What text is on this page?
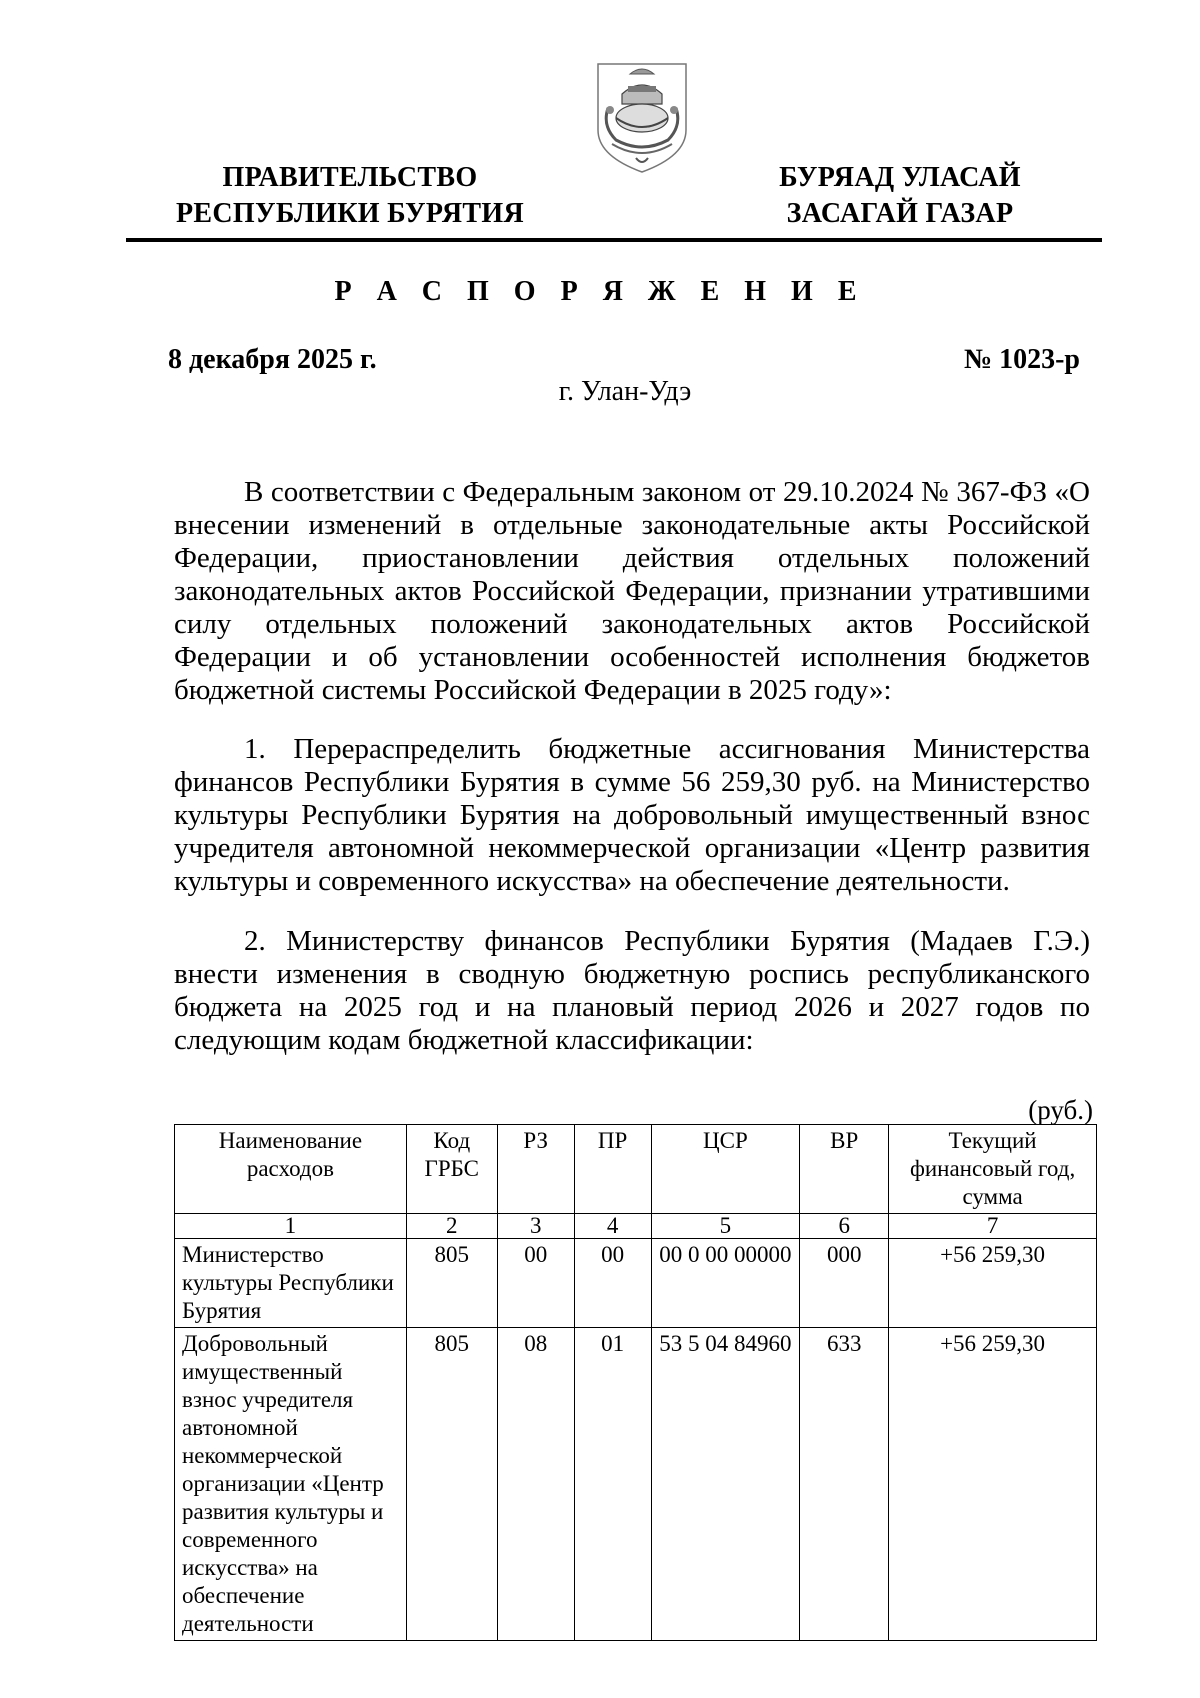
ПРАВИТЕЛЬСТВО
РЕСПУБЛИКИ БУРЯТИЯ
БУРЯАД УЛАСАЙ
ЗАСАГАЙ ГАЗАР
Р А С П О Р Я Ж Е Н И Е
8 декабря 2025 г.	№ 1023-р
г. Улан-Удэ

В соответствии с Федеральным законом от 29.10.2024 № 367-ФЗ «О внесении изменений в отдельные законодательные акты Российской Федерации, приостановлении действия отдельных положений законодательных актов Российской Федерации, признании утратившими силу отдельных положений законодательных актов Российской Федерации и об установлении особенностей исполнения бюджетов бюджетной системы Российской Федерации в 2025 году»:

1. Перераспределить бюджетные ассигнования Министерства финансов Республики Бурятия в сумме 56 259,30 руб. на Министерство культуры Республики Бурятия на добровольный имущественный взнос учредителя автономной некоммерческой организации «Центр развития культуры и современного искусства» на обеспечение деятельности.

2. Министерству финансов Республики Бурятия (Мадаев Г.Э.) внести изменения в сводную бюджетную роспись республиканского бюджета на 2025 год и на плановый период 2026 и 2027 годов по следующим кодам бюджетной классификации:

(руб.)
Наименование расходов	Код ГРБС	РЗ	ПР	ЦСР	ВР	Текущий финансовый год, сумма
1	2	3	4	5	6	7
Министерство культуры Республики Бурятия	805	00	00	00 0 00 00000	000	+56 259,30
Добровольный имущественный взнос учредителя автономной некоммерческой организации «Центр развития культуры и современного искусства» на обеспечение деятельности	805	08	01	53 5 04 84960	633	+56 259,30
